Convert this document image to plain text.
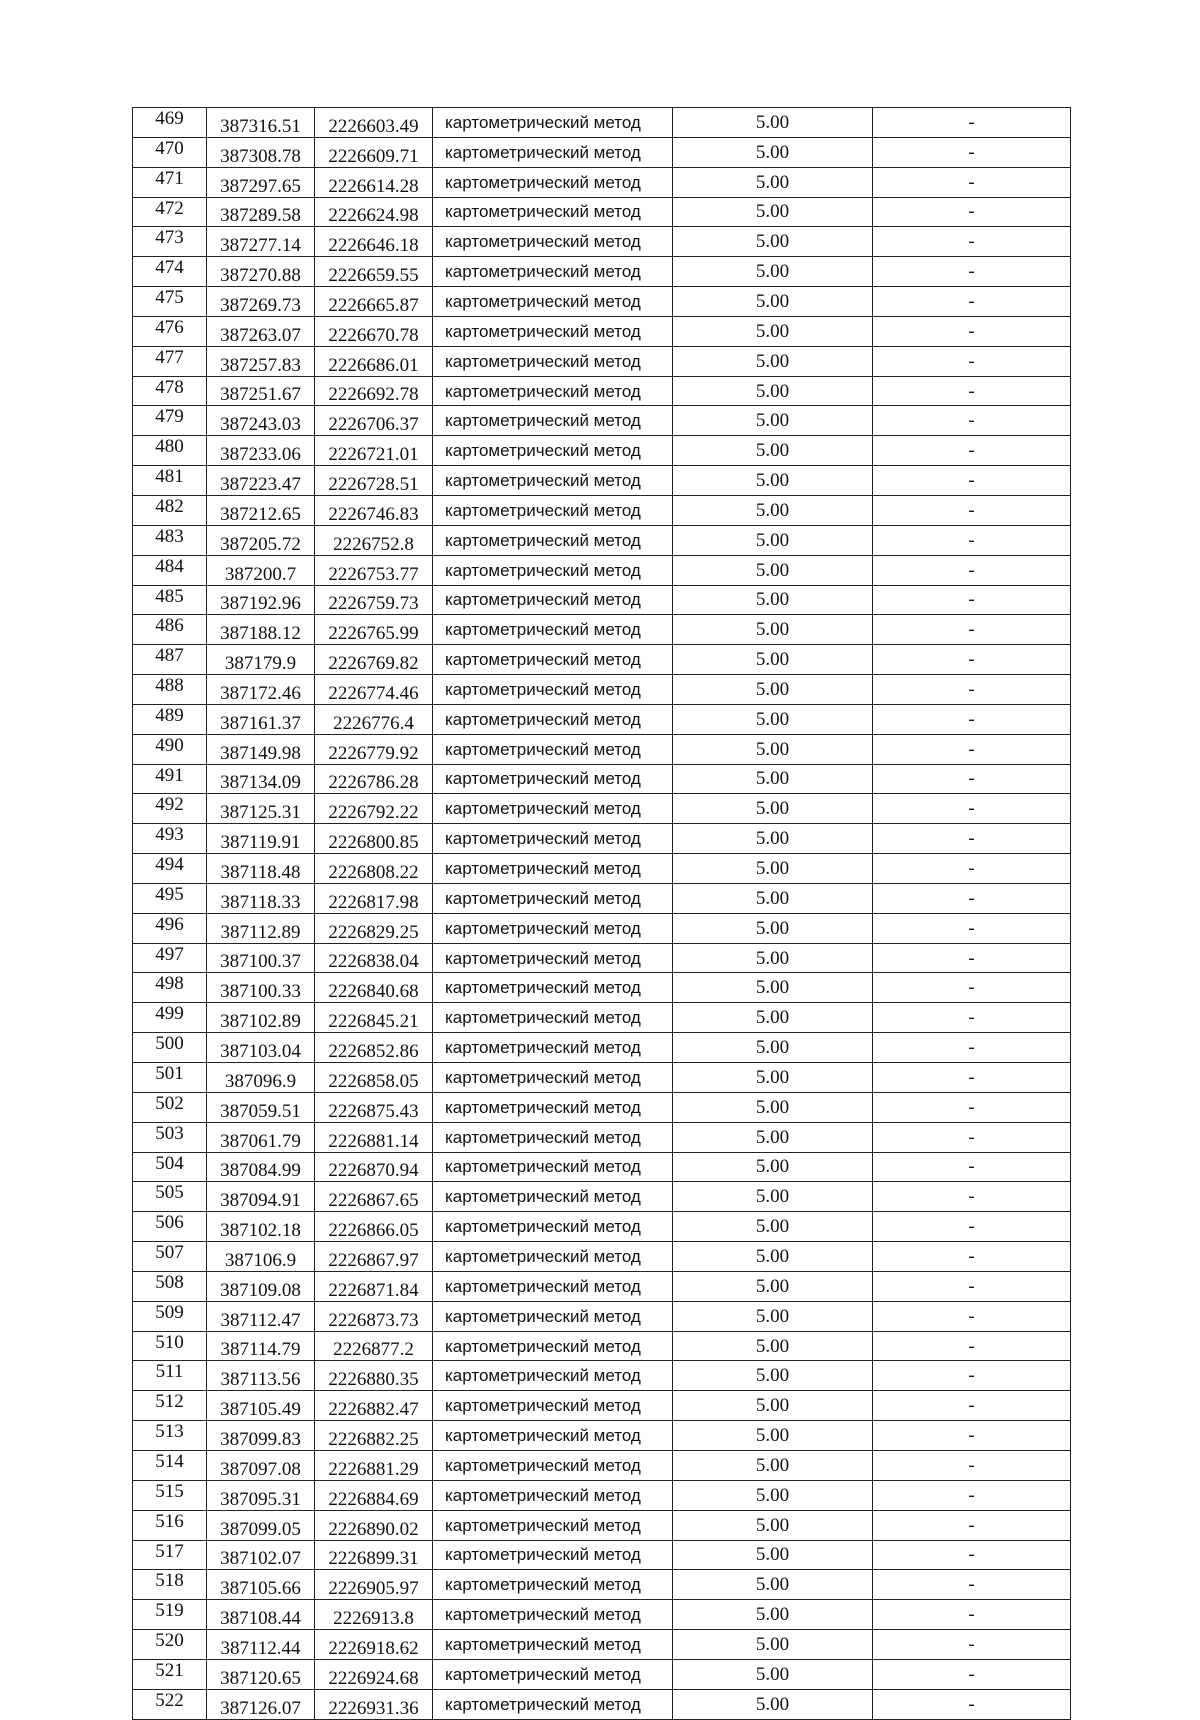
469	387316.51	2226603.49	картометрический метод	5.00	-
470	387308.78	2226609.71	картометрический метод	5.00	-
471	387297.65	2226614.28	картометрический метод	5.00	-
472	387289.58	2226624.98	картометрический метод	5.00	-
473	387277.14	2226646.18	картометрический метод	5.00	-
474	387270.88	2226659.55	картометрический метод	5.00	-
475	387269.73	2226665.87	картометрический метод	5.00	-
476	387263.07	2226670.78	картометрический метод	5.00	-
477	387257.83	2226686.01	картометрический метод	5.00	-
478	387251.67	2226692.78	картометрический метод	5.00	-
479	387243.03	2226706.37	картометрический метод	5.00	-
480	387233.06	2226721.01	картометрический метод	5.00	-
481	387223.47	2226728.51	картометрический метод	5.00	-
482	387212.65	2226746.83	картометрический метод	5.00	-
483	387205.72	2226752.8	картометрический метод	5.00	-
484	387200.7	2226753.77	картометрический метод	5.00	-
485	387192.96	2226759.73	картометрический метод	5.00	-
486	387188.12	2226765.99	картометрический метод	5.00	-
487	387179.9	2226769.82	картометрический метод	5.00	-
488	387172.46	2226774.46	картометрический метод	5.00	-
489	387161.37	2226776.4	картометрический метод	5.00	-
490	387149.98	2226779.92	картометрический метод	5.00	-
491	387134.09	2226786.28	картометрический метод	5.00	-
492	387125.31	2226792.22	картометрический метод	5.00	-
493	387119.91	2226800.85	картометрический метод	5.00	-
494	387118.48	2226808.22	картометрический метод	5.00	-
495	387118.33	2226817.98	картометрический метод	5.00	-
496	387112.89	2226829.25	картометрический метод	5.00	-
497	387100.37	2226838.04	картометрический метод	5.00	-
498	387100.33	2226840.68	картометрический метод	5.00	-
499	387102.89	2226845.21	картометрический метод	5.00	-
500	387103.04	2226852.86	картометрический метод	5.00	-
501	387096.9	2226858.05	картометрический метод	5.00	-
502	387059.51	2226875.43	картометрический метод	5.00	-
503	387061.79	2226881.14	картометрический метод	5.00	-
504	387084.99	2226870.94	картометрический метод	5.00	-
505	387094.91	2226867.65	картометрический метод	5.00	-
506	387102.18	2226866.05	картометрический метод	5.00	-
507	387106.9	2226867.97	картометрический метод	5.00	-
508	387109.08	2226871.84	картометрический метод	5.00	-
509	387112.47	2226873.73	картометрический метод	5.00	-
510	387114.79	2226877.2	картометрический метод	5.00	-
511	387113.56	2226880.35	картометрический метод	5.00	-
512	387105.49	2226882.47	картометрический метод	5.00	-
513	387099.83	2226882.25	картометрический метод	5.00	-
514	387097.08	2226881.29	картометрический метод	5.00	-
515	387095.31	2226884.69	картометрический метод	5.00	-
516	387099.05	2226890.02	картометрический метод	5.00	-
517	387102.07	2226899.31	картометрический метод	5.00	-
518	387105.66	2226905.97	картометрический метод	5.00	-
519	387108.44	2226913.8	картометрический метод	5.00	-
520	387112.44	2226918.62	картометрический метод	5.00	-
521	387120.65	2226924.68	картометрический метод	5.00	-
522	387126.07	2226931.36	картометрический метод	5.00	-
